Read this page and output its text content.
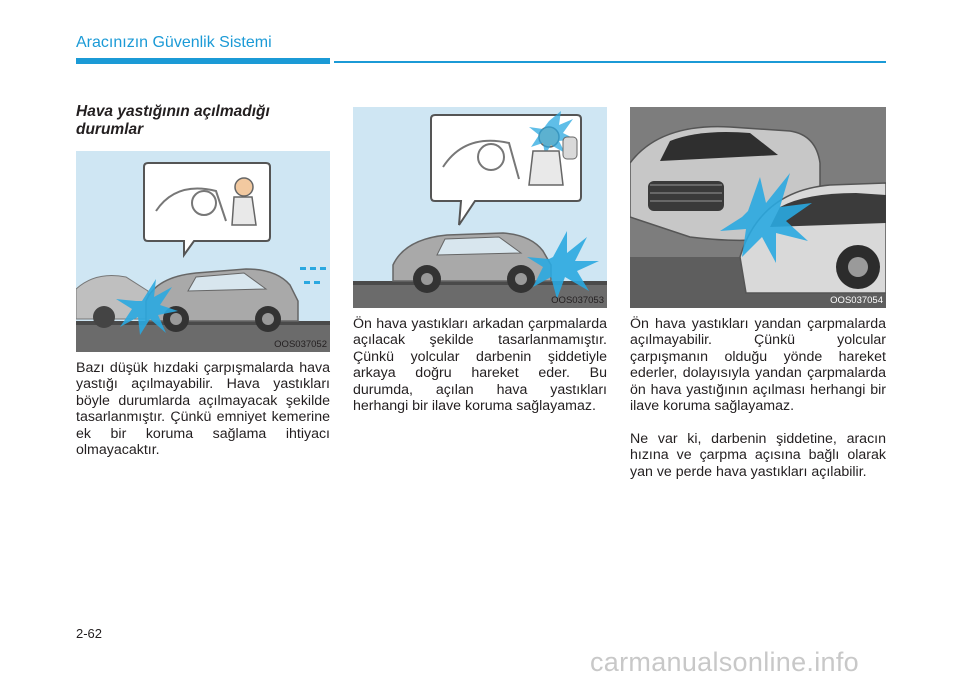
Aracınızın Güvenlik Sistemi
Hava yastığının açılmadığı durumlar
OOS037052
OOS037053	OOS037054

Bazı düşük hızdaki çarpışmalarda hava yastığı açılmayabilir. Hava yastıkları böyle durumlarda açılmayacak şekilde tasarlanmıştır. Çünkü emniyet kemerine ek bir koruma sağlama ihtiyacı olmayacaktır.

Ön hava yastıkları arkadan çarpmalarda açılacak şekilde tasarlanmamıştır. Çünkü yolcular darbenin şiddetiyle arkaya doğru hareket eder. Bu durumda, açılan hava yastıkları herhangi bir ilave koruma sağlayamaz.

Ön hava yastıkları yandan çarpmalarda açılmayabilir. Çünkü yolcular çarpışmanın olduğu yönde hareket ederler, dolayısıyla yandan çarpmalarda ön hava yastığının açılması herhangi bir ilave koruma sağlayamaz.

Ne var ki, darbenin şiddetine, aracın hızına ve çarpma açısına bağlı olarak yan ve perde hava yastıkları açılabilir.

2-62
carmanualsonline.info
